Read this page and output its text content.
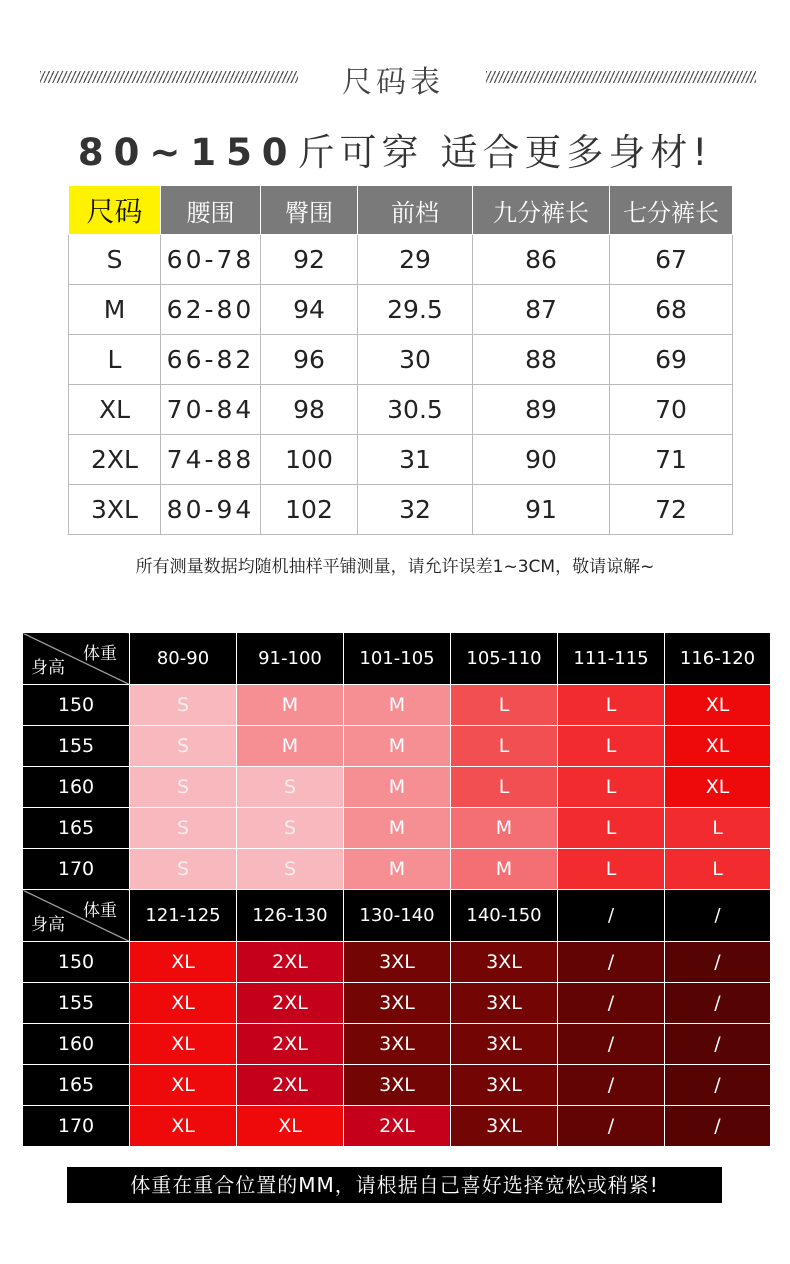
尺码表
80~150斤可穿 适合更多身材!
尺码	腰围	臀围	前档	九分裤长	七分裤长
S	60-78	92	29	86	67
M	62-80	94	29.5	87	68
L	66-82	96	30	88	69
XL	70-84	98	30.5	89	70
2XL	74-88	100	31	90	71
3XL	80-94	102	32	91	72
所有测量数据均随机抽样平铺测量，请允许误差1~3CM，敬请谅解~
体重
身高	80-90	91-100	101-105	105-110	111-115	116-120
150	S	M	M	L	L	XL
155	S	M	M	L	L	XL
160	S	S	M	L	L	XL
165	S	S	M	M	L	L
170	S	S	M	M	L	L

体重
身高	121-125	126-130	130-140	140-150	/	/
150	XL	2XL	3XL	3XL	/	/
155	XL	2XL	3XL	3XL	/	/
160	XL	2XL	3XL	3XL	/	/
165	XL	2XL	3XL	3XL	/	/
170	XL	XL	2XL	3XL	/	/
体重在重合位置的MM，请根据自己喜好选择宽松或稍紧!
